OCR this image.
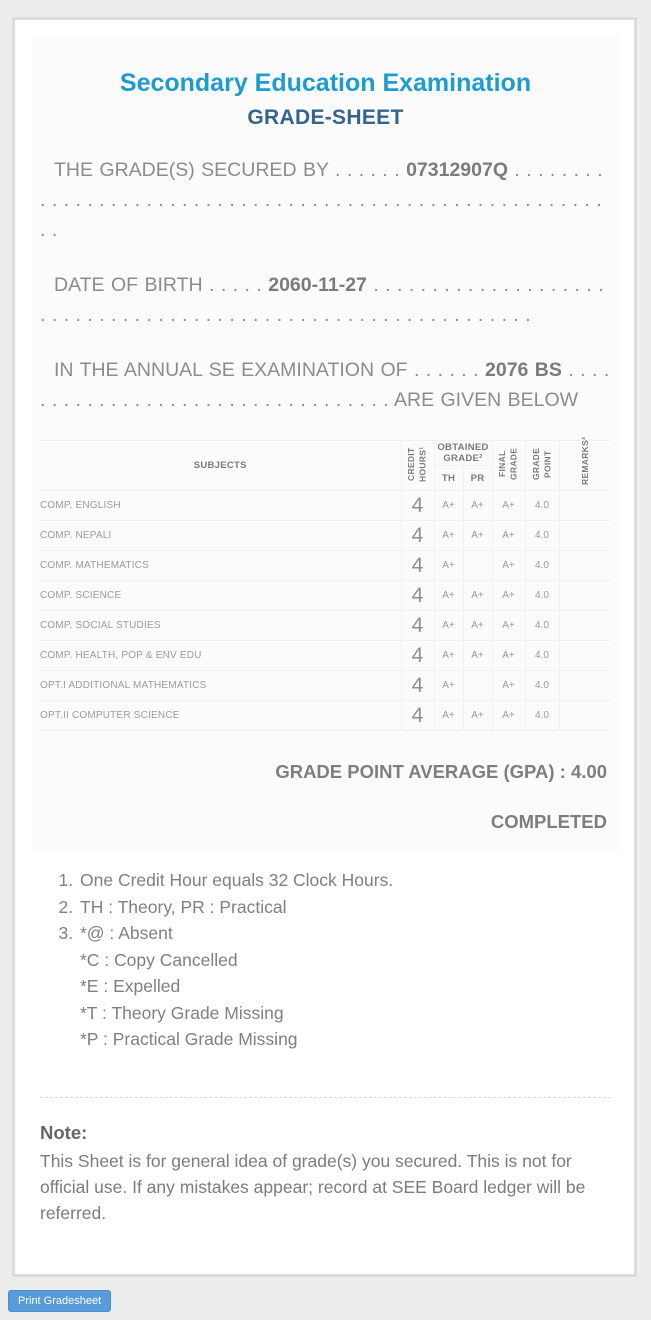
Secondary Education Examination
GRADE-SHEET

THE GRADE(S) SECURED BY . . . . . . 07312907Q . . . . . . . . . . . . . . . . . . . . . . . . . . . . . . . . . . . . . . . . . . . . . . . . . . . . . . . . . .

DATE OF BIRTH . . . . . 2060-11-27 . . . . . . . . . . . . . . . . . . . . . . . . . . . . . . . . . . . . . . . . . . . . . . . . . . . . . . . . . . . . . .

IN THE ANNUAL SE EXAMINATION OF . . . . . . 2076 BS . . . . . . . . . . . . . . . . . . . . . . . . . . . . . . . . . . ARE GIVEN BELOW

SUBJECTS	CREDIT HOURS¹	OBTAINED GRADE²		FINAL GRADE	GRADE POINT	REMARKS³
		TH	PR			
COMP. ENGLISH	4	A+	A+	A+	4.0	
COMP. NEPALI	4	A+	A+	A+	4.0	
COMP. MATHEMATICS	4	A+		A+	4.0	
COMP. SCIENCE	4	A+	A+	A+	4.0	
COMP. SOCIAL STUDIES	4	A+	A+	A+	4.0	
COMP. HEALTH, POP & ENV EDU	4	A+	A+	A+	4.0	
OPT.I ADDITIONAL MATHEMATICS	4	A+		A+	4.0	
OPT.II COMPUTER SCIENCE	4	A+	A+	A+	4.0	
GRADE POINT AVERAGE (GPA) : 4.00
COMPLETED
1. One Credit Hour equals 32 Clock Hours.
2. TH : Theory, PR : Practical
3. *@ : Absent
*C : Copy Cancelled
*E : Expelled
*T : Theory Grade Missing
*P : Practical Grade Missing
Note:

This Sheet is for general idea of grade(s) you secured. This is not for official use. If any mistakes appear; record at SEE Board ledger will be referred.

Print Gradesheet
